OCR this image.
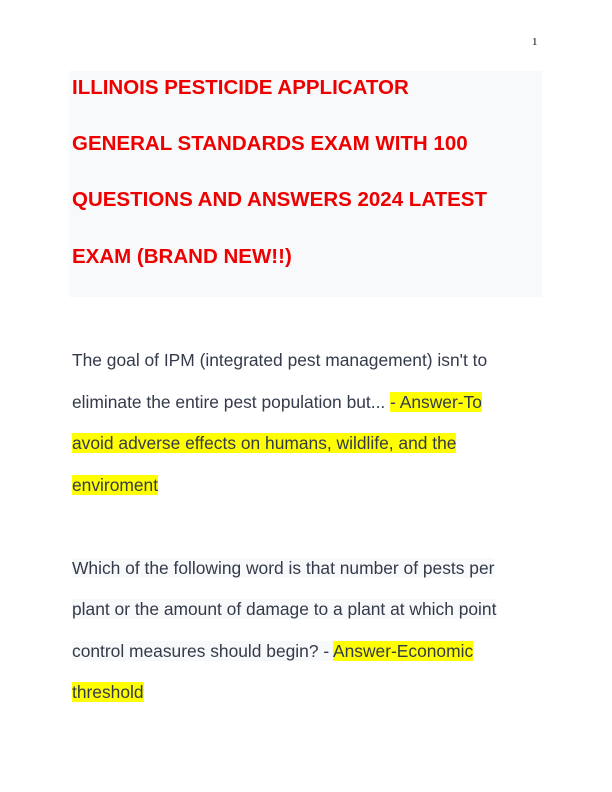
1
ILLINOIS PESTICIDE APPLICATOR
GENERAL STANDARDS EXAM WITH 100
QUESTIONS AND ANSWERS 2024 LATEST
EXAM (BRAND NEW!!)
The goal of IPM (integrated pest management) isn't to
eliminate the entire pest population but... - Answer-To
avoid adverse effects on humans, wildlife, and the
enviroment
Which of the following word is that number of pests per
plant or the amount of damage to a plant at which point
control measures should begin? - Answer-Economic
threshold
